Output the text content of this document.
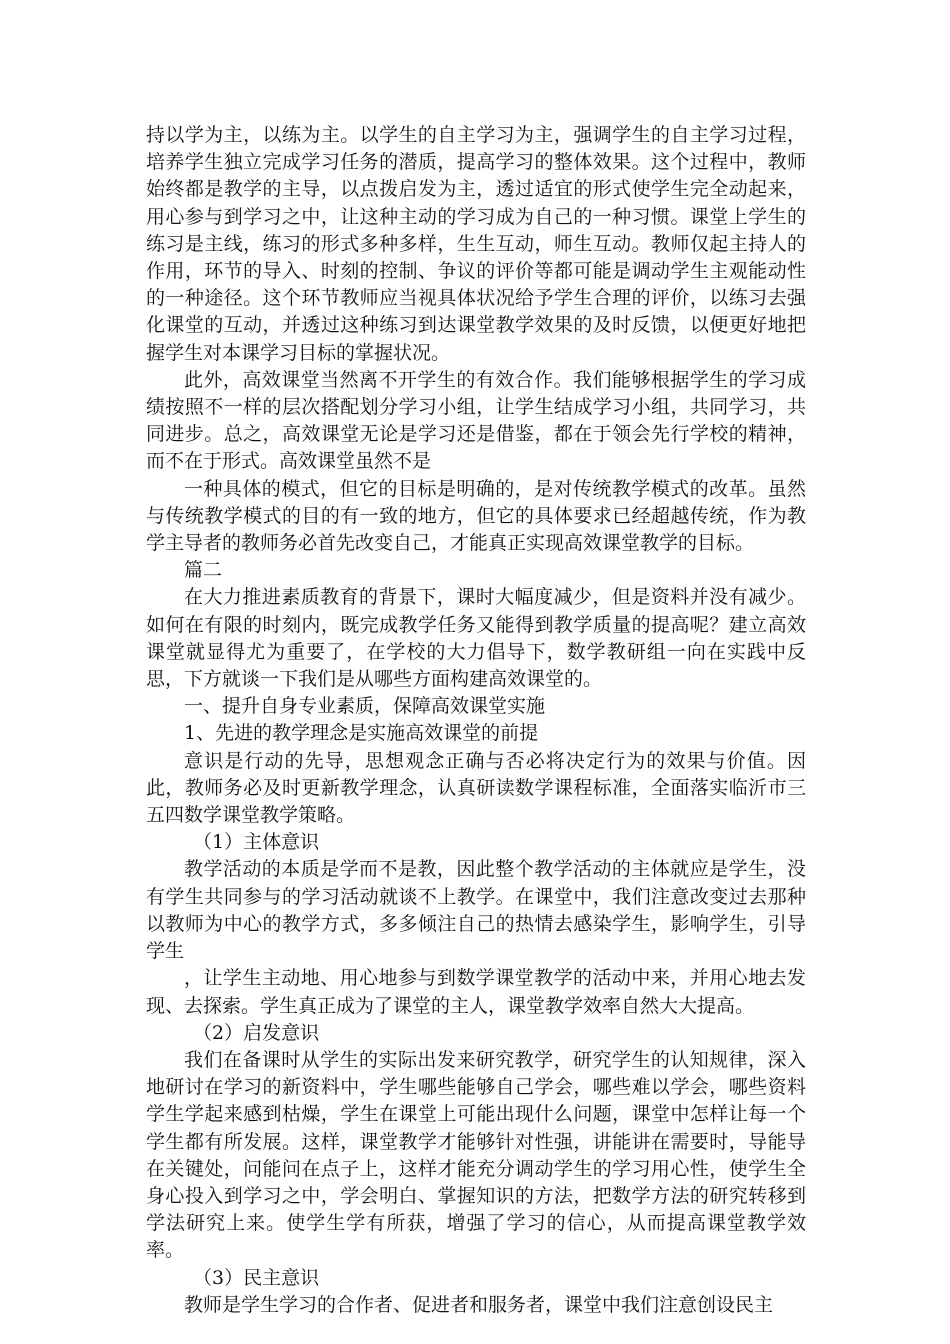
持以学为主，以练为主。以学生的自主学习为主，强调学生的自主学习过程，培养学生独立完成学习任务的潜质，提高学习的整体效果。这个过程中，教师始终都是教学的主导，以点拨启发为主，透过适宜的形式使学生完全动起来，用心参与到学习之中，让这种主动的学习成为自己的一种习惯。课堂上学生的练习是主线，练习的形式多种多样，生生互动，师生互动。教师仅起主持人的作用，环节的导入、时刻的控制、争议的评价等都可能是调动学生主观能动性的一种途径。这个环节教师应当视具体状况给予学生合理的评价，以练习去强化课堂的互动，并透过这种练习到达课堂教学效果的及时反馈，以便更好地把握学生对本课学习目标的掌握状况。

此外，高效课堂当然离不开学生的有效合作。我们能够根据学生的学习成绩按照不一样的层次搭配划分学习小组，让学生结成学习小组，共同学习，共同进步。总之，高效课堂无论是学习还是借鉴，都在于领会先行学校的精神，而不在于形式。高效课堂虽然不是

一种具体的模式，但它的目标是明确的，是对传统教学模式的改革。虽然与传统教学模式的目的有一致的地方，但它的具体要求已经超越传统，作为教学主导者的教师务必首先改变自己，才能真正实现高效课堂教学的目标。

篇二

在大力推进素质教育的背景下，课时大幅度减少，但是资料并没有减少。如何在有限的时刻内，既完成教学任务又能得到教学质量的提高呢？建立高效课堂就显得尤为重要了，在学校的大力倡导下，数学教研组一向在实践中反思，下方就谈一下我们是从哪些方面构建高效课堂的。

一、提升自身专业素质，保障高效课堂实施

1、先进的教学理念是实施高效课堂的前提

意识是行动的先导，思想观念正确与否必将决定行为的效果与价值。因此，教师务必及时更新教学理念，认真研读数学课程标准，全面落实临沂市三五四数学课堂教学策略。

（1）主体意识

教学活动的本质是学而不是教，因此整个教学活动的主体就应是学生，没有学生共同参与的学习活动就谈不上教学。在课堂中，我们注意改变过去那种以教师为中心的教学方式，多多倾注自己的热情去感染学生，影响学生，引导学生

，让学生主动地、用心地参与到数学课堂教学的活动中来，并用心地去发现、去探索。学生真正成为了课堂的主人，课堂教学效率自然大大提高。

（2）启发意识

我们在备课时从学生的实际出发来研究教学，研究学生的认知规律，深入地研讨在学习的新资料中，学生哪些能够自己学会，哪些难以学会，哪些资料学生学起来感到枯燥，学生在课堂上可能出现什么问题，课堂中怎样让每一个学生都有所发展。这样，课堂教学才能够针对性强，讲能讲在需要时，导能导在关键处，问能问在点子上，这样才能充分调动学生的学习用心性，使学生全身心投入到学习之中，学会明白、掌握知识的方法，把数学方法的研究转移到学法研究上来。使学生学有所获，增强了学习的信心，从而提高课堂教学效率。

（3）民主意识

教师是学生学习的合作者、促进者和服务者，课堂中我们注意创设民主
